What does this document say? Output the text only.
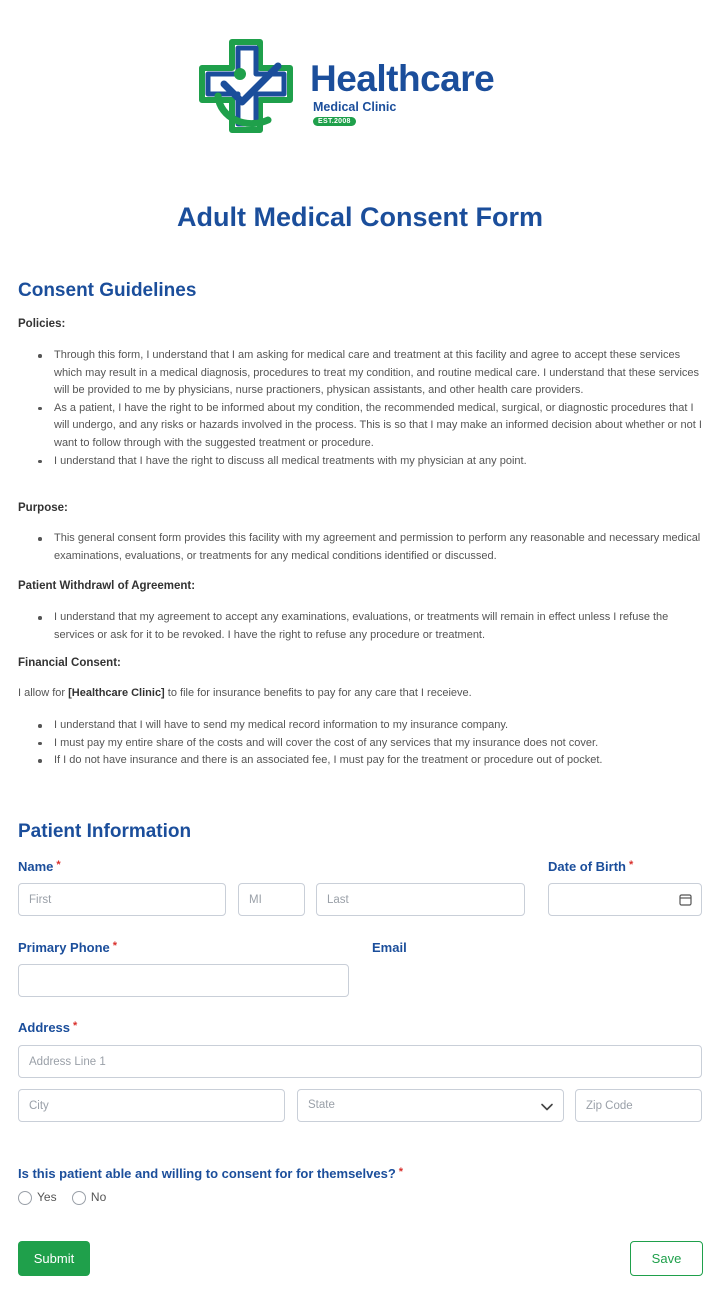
Healthcare
Medical Clinic
EST.2008
Adult Medical Consent Form
Consent Guidelines
Policies:
Through this form, I understand that I am asking for medical care and treatment at this facility and agree to accept these services which may result in a medical diagnosis, procedures to treat my condition, and routine medical care. I understand that these services will be provided to me by physicians, nurse practioners, physican assistants, and other health care providers.
As a patient, I have the right to be informed about my condition, the recommended medical, surgical, or diagnostic procedures that I will undergo, and any risks or hazards involved in the process. This is so that I may make an informed decision about whether or not I want to follow through with the suggested treatment or procedure.
I understand that I have the right to discuss all medical treatments with my physician at any point.
Purpose:
This general consent form provides this facility with my agreement and permission to perform any reasonable and necessary medical examinations, evaluations, or treatments for any medical conditions identified or discussed.
Patient Withdrawl of Agreement:
I understand that my agreement to accept any examinations, evaluations, or treatments will remain in effect unless I refuse the services or ask for it to be revoked. I have the right to refuse any procedure or treatment.
Financial Consent:
I allow for [Healthcare Clinic] to file for insurance benefits to pay for any care that I receieve.
I understand that I will have to send my medical record information to my insurance company.
I must pay my entire share of the costs and will cover the cost of any services that my insurance does not cover.
If I do not have insurance and there is an associated fee, I must pay for the treatment or procedure out of pocket.
Patient Information
Name *
First
MI
Last	Date of Birth *
Primary Phone *	Email
Address *
Address Line 1
City
State
Zip Code
Is this patient able and willing to consent for for themselves? *
Yes	No
Submit	Save
